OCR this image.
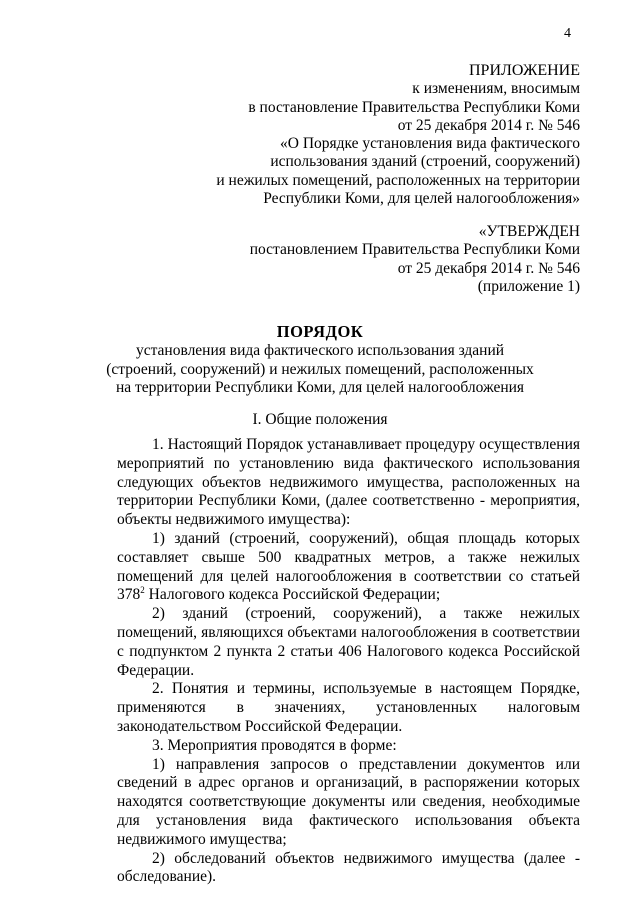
4
ПРИЛОЖЕНИЕ
к изменениям, вносимым
в постановление Правительства Республики Коми
от 25 декабря 2014 г. № 546
«О Порядке установления вида фактического
использования зданий (строений, сооружений)
и нежилых помещений, расположенных на территории
Республики Коми, для целей налогообложения»
«УТВЕРЖДЕН
постановлением Правительства Республики Коми
от 25 декабря 2014 г. № 546
(приложение 1)
ПОРЯДОК
установления вида фактического использования зданий (строений, сооружений) и нежилых помещений, расположенных на территории Республики Коми, для целей налогообложения
I. Общие положения

1. Настоящий Порядок устанавливает процедуру осуществления мероприятий по установлению вида фактического использования следующих объектов недвижимого имущества, расположенных на территории Республики Коми, (далее соответственно - мероприятия, объекты недвижимого имущества):

1) зданий (строений, сооружений), общая площадь которых составляет свыше 500 квадратных метров, а также нежилых помещений для целей налогообложения в соответствии со статьей $378^2$ Налогового кодекса Российской Федерации;

2) зданий (строений, сооружений), а также нежилых помещений, являющихся объектами налогообложения в соответствии с подпунктом 2 пункта 2 статьи 406 Налогового кодекса Российской Федерации.

2. Понятия и термины, используемые в настоящем Порядке, применяются в значениях, установленных налоговым законодательством Российской Федерации.

3. Мероприятия проводятся в форме:

1) направления запросов о представлении документов или сведений в адрес органов и организаций, в распоряжении которых находятся соответствующие документы или сведения, необходимые для установления вида фактического использования объекта недвижимого имущества;

2) обследований объектов недвижимого имущества (далее - обследование).
